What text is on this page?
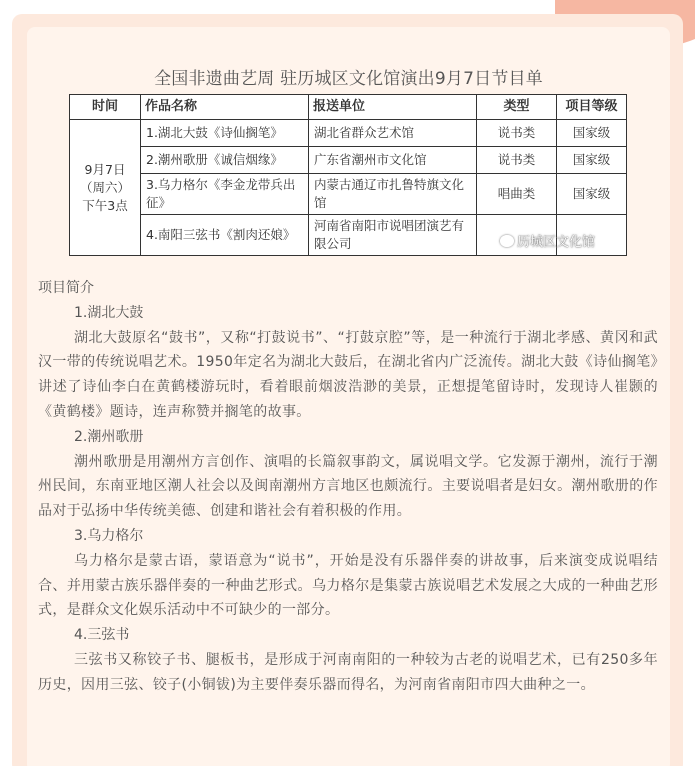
全国非遗曲艺周 驻历城区文化馆演出9月7日节目单
时间	作品名称	报送单位	类型	项目等级

9月7日
（周六）
下午3点	1.湖北大鼓《诗仙搁笔》	湖北省群众艺术馆	说书类	国家级
	2.潮州歌册《诚信烟缘》	广东省潮州市文化馆	说书类	国家级
	3.乌力格尔《李金龙带兵出征》	内蒙古通辽市扎鲁特旗文化馆	唱曲类	国家级
	4.南阳三弦书《割肉还娘》	河南省南阳市说唱团演艺有限公司			历城区文化馆

项目简介

1.湖北大鼓

湖北大鼓原名“鼓书”，又称“打鼓说书”、“打鼓京腔”等，是一种流行于湖北孝感、黄冈和武汉一带的传统说唱艺术。1950年定名为湖北大鼓后，在湖北省内广泛流传。湖北大鼓《诗仙搁笔》讲述了诗仙李白在黄鹤楼游玩时，看着眼前烟波浩渺的美景，正想提笔留诗时，发现诗人崔颢的《黄鹤楼》题诗，连声称赞并搁笔的故事。

2.潮州歌册

潮州歌册是用潮州方言创作、演唱的长篇叙事韵文，属说唱文学。它发源于潮州，流行于潮州民间，东南亚地区潮人社会以及闽南潮州方言地区也颇流行。主要说唱者是妇女。潮州歌册的作品对于弘扬中华传统美德、创建和谐社会有着积极的作用。

3.乌力格尔

乌力格尔是蒙古语，蒙语意为“说书”，开始是没有乐器伴奏的讲故事，后来演变成说唱结合、并用蒙古族乐器伴奏的一种曲艺形式。乌力格尔是集蒙古族说唱艺术发展之大成的一种曲艺形式，是群众文化娱乐活动中不可缺少的一部分。

4.三弦书

三弦书又称铰子书、腿板书，是形成于河南南阳的一种较为古老的说唱艺术，已有250多年历史，因用三弦、铰子(小铜钹)为主要伴奏乐器而得名，为河南省南阳市四大曲种之一。
